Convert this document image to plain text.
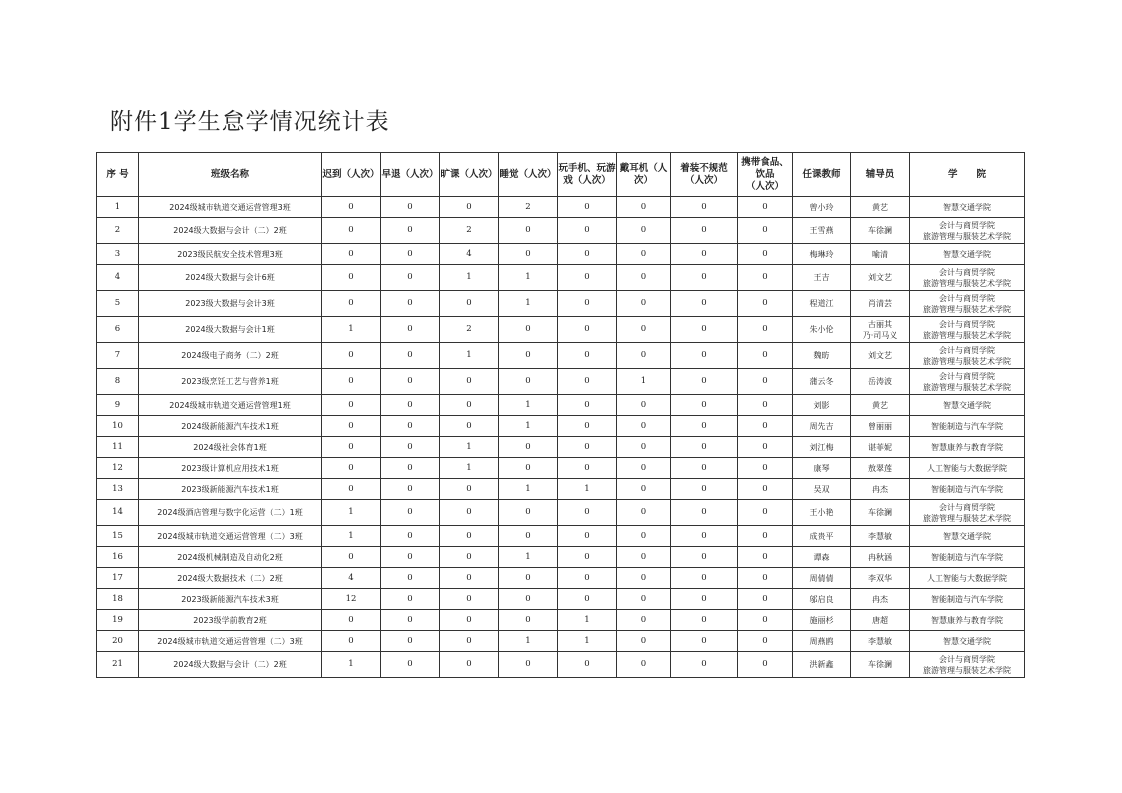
附件1学生怠学情况统计表
序 号	班级名称	迟到（人次）	早退（人次）	旷课（人次）	睡觉（人次）	玩手机、玩游戏（人次）	戴耳机（人次）	着装不规范（人次）	携带食品、饮品（人次）	任课教师	辅导员	学　　院
1	2024级城市轨道交通运营管理3班	0	0	0	2	0	0	0	0	曾小玲	黄艺	智慧交通学院

2	2024级大数据与会计（二）2班	0	0	2	0	0	0	0	0	王雪燕	车徐澜	会计与商贸学院
旅游管理与服装艺术学院

3	2023级民航安全技术管理3班	0	0	4	0	0	0	0	0	梅琳玲	喻清	智慧交通学院

4	2024级大数据与会计6班	0	0	1	1	0	0	0	0	王吉	刘文艺	会计与商贸学院
旅游管理与服装艺术学院

5	2023级大数据与会计3班	0	0	0	1	0	0	0	0	程道江	肖清芸	会计与商贸学院
旅游管理与服装艺术学院

6	2024级大数据与会计1班	1	0	2	0	0	0	0	0	朱小伦	古丽其
乃·司马义	会计与商贸学院
旅游管理与服装艺术学院

7	2024级电子商务（二）2班	0	0	1	0	0	0	0	0	魏昉	刘文艺	会计与商贸学院
旅游管理与服装艺术学院

8	2023级烹饪工艺与营养1班	0	0	0	0	0	1	0	0	蒲云冬	岳涛波	会计与商贸学院
旅游管理与服装艺术学院

9	2024级城市轨道交通运营管理1班	0	0	0	1	0	0	0	0	刘影	黄艺	智慧交通学院

10	2024级新能源汽车技术1班	0	0	0	1	0	0	0	0	周先吉	曾丽丽	智能制造与汽车学院

11	2024级社会体育1班	0	0	1	0	0	0	0	0	刘江梅	谌菲妮	智慧康养与教育学院

12	2023级计算机应用技术1班	0	0	1	0	0	0	0	0	康琴	敖翠莲	人工智能与大数据学院

13	2023级新能源汽车技术1班	0	0	0	1	1	0	0	0	吴双	冉杰	智能制造与汽车学院

14	2024级酒店管理与数字化运营（二）1班	1	0	0	0	0	0	0	0	王小艳	车徐澜	会计与商贸学院
旅游管理与服装艺术学院

15	2024级城市轨道交通运营管理（二）3班	1	0	0	0	0	0	0	0	成贵平	李慧敏	智慧交通学院

16	2024级机械制造及自动化2班	0	0	0	1	0	0	0	0	谭森	冉秋涵	智能制造与汽车学院

17	2024级大数据技术（二）2班	4	0	0	0	0	0	0	0	周倩倩	李双华	人工智能与大数据学院

18	2023级新能源汽车技术3班	12	0	0	0	0	0	0	0	邬启良	冉杰	智能制造与汽车学院

19	2023级学前教育2班	0	0	0	0	1	0	0	0	施丽杉	唐超	智慧康养与教育学院

20	2024级城市轨道交通运营管理（二）3班	0	0	0	1	1	0	0	0	周燕鸥	李慧敏	智慧交通学院

21	2024级大数据与会计（二）2班	1	0	0	0	0	0	0	0	洪新鑫	车徐澜	会计与商贸学院
旅游管理与服装艺术学院
